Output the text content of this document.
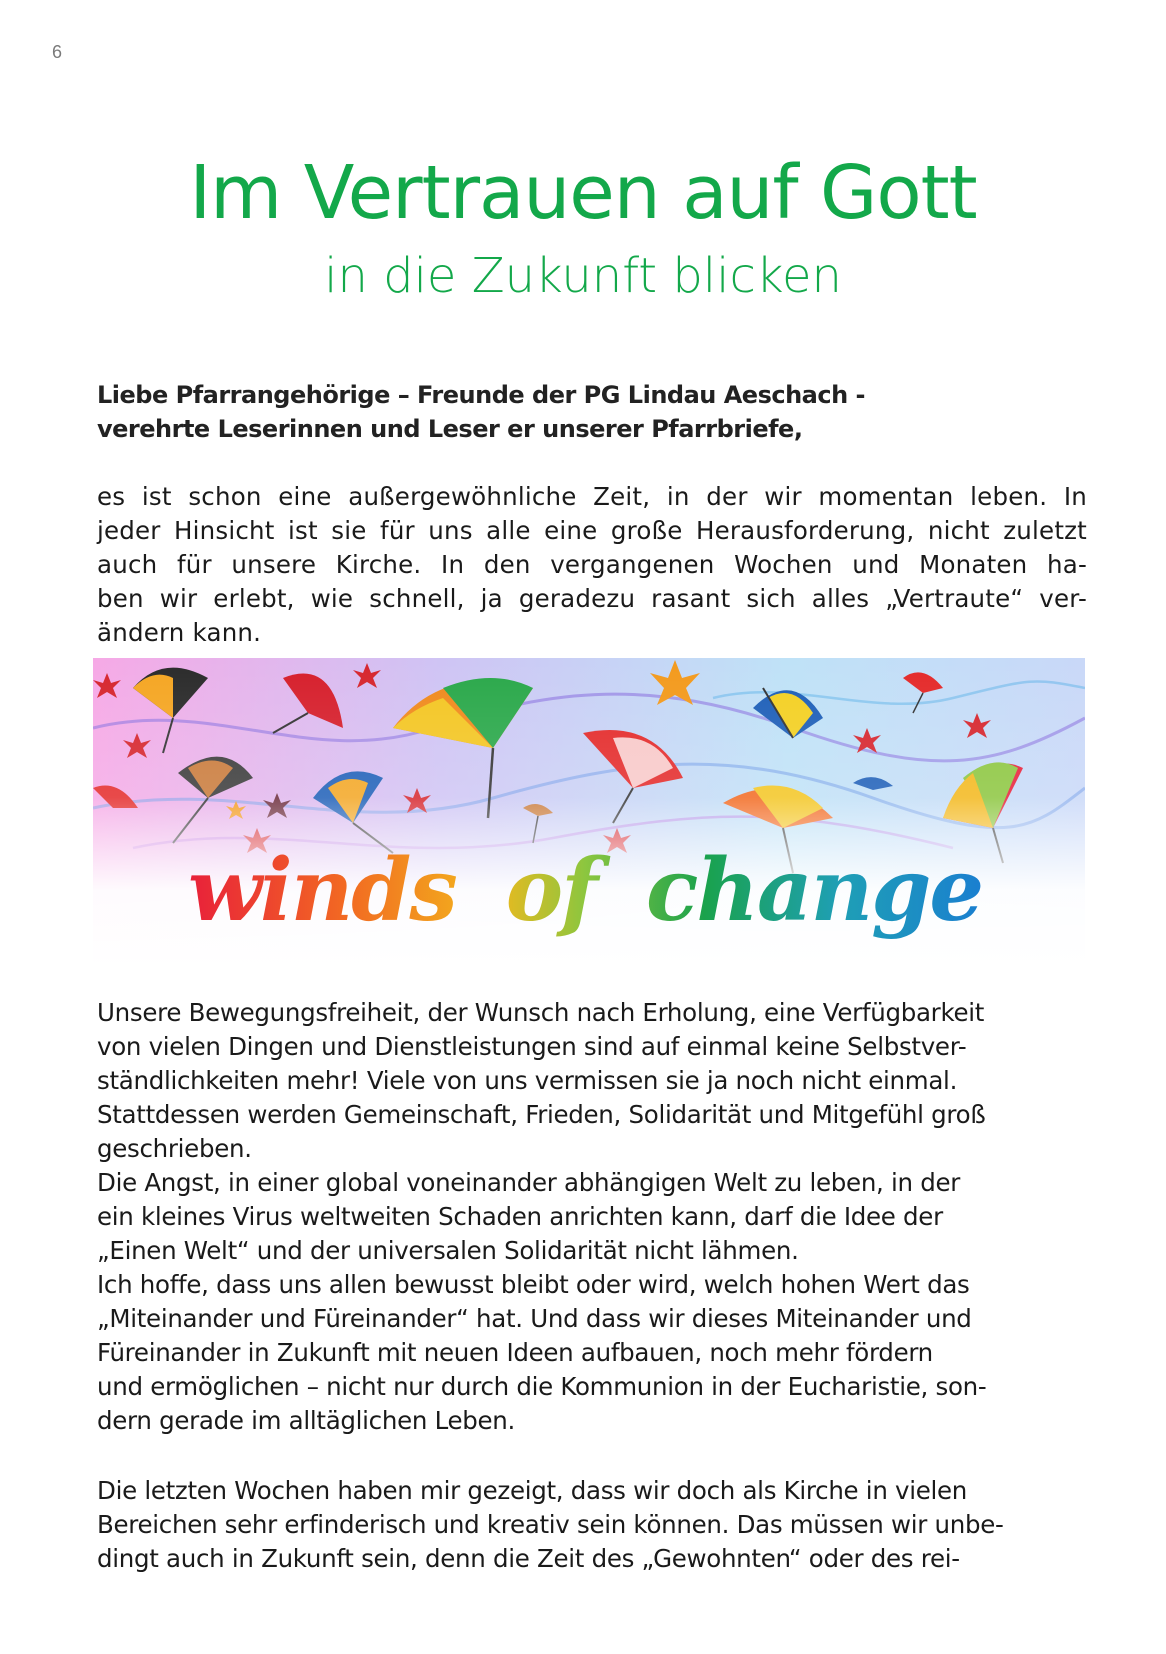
6
Im Vertrauen auf Gott
in die Zukunft blicken
Liebe Pfarrangehörige – Freunde der PG Lindau Aeschach -
verehrte Leserinnen und Leser er unserer Pfarrbriefe,
es ist schon eine außergewöhnliche Zeit, in der wir momentan leben. In
jeder Hinsicht ist sie für uns alle eine große Herausforderung, nicht zuletzt
auch für unsere Kirche. In den vergangenen Wochen und Monaten ha-
ben wir erlebt, wie schnell, ja geradezu rasant sich alles „Vertraute“ ver-
ändern kann.
winds of change
Unsere Bewegungsfreiheit, der Wunsch nach Erholung, eine Verfügbarkeit
von vielen Dingen und Dienstleistungen sind auf einmal keine Selbstver-
ständlichkeiten mehr! Viele von uns vermissen sie ja noch nicht einmal.
Stattdessen werden Gemeinschaft, Frieden, Solidarität und Mitgefühl groß
geschrieben.
Die Angst, in einer global voneinander abhängigen Welt zu leben, in der
ein kleines Virus weltweiten Schaden anrichten kann, darf die Idee der
„Einen Welt“ und der universalen Solidarität nicht lähmen.
Ich hoffe, dass uns allen bewusst bleibt oder wird, welch hohen Wert das
„Miteinander und Füreinander“ hat. Und dass wir dieses Miteinander und
Füreinander in Zukunft mit neuen Ideen aufbauen, noch mehr fördern
und ermöglichen – nicht nur durch die Kommunion in der Eucharistie, son-
dern gerade im alltäglichen Leben.
Die letzten Wochen haben mir gezeigt, dass wir doch als Kirche in vielen
Bereichen sehr erfinderisch und kreativ sein können. Das müssen wir unbe-
dingt auch in Zukunft sein, denn die Zeit des „Gewohnten“ oder des rei-
